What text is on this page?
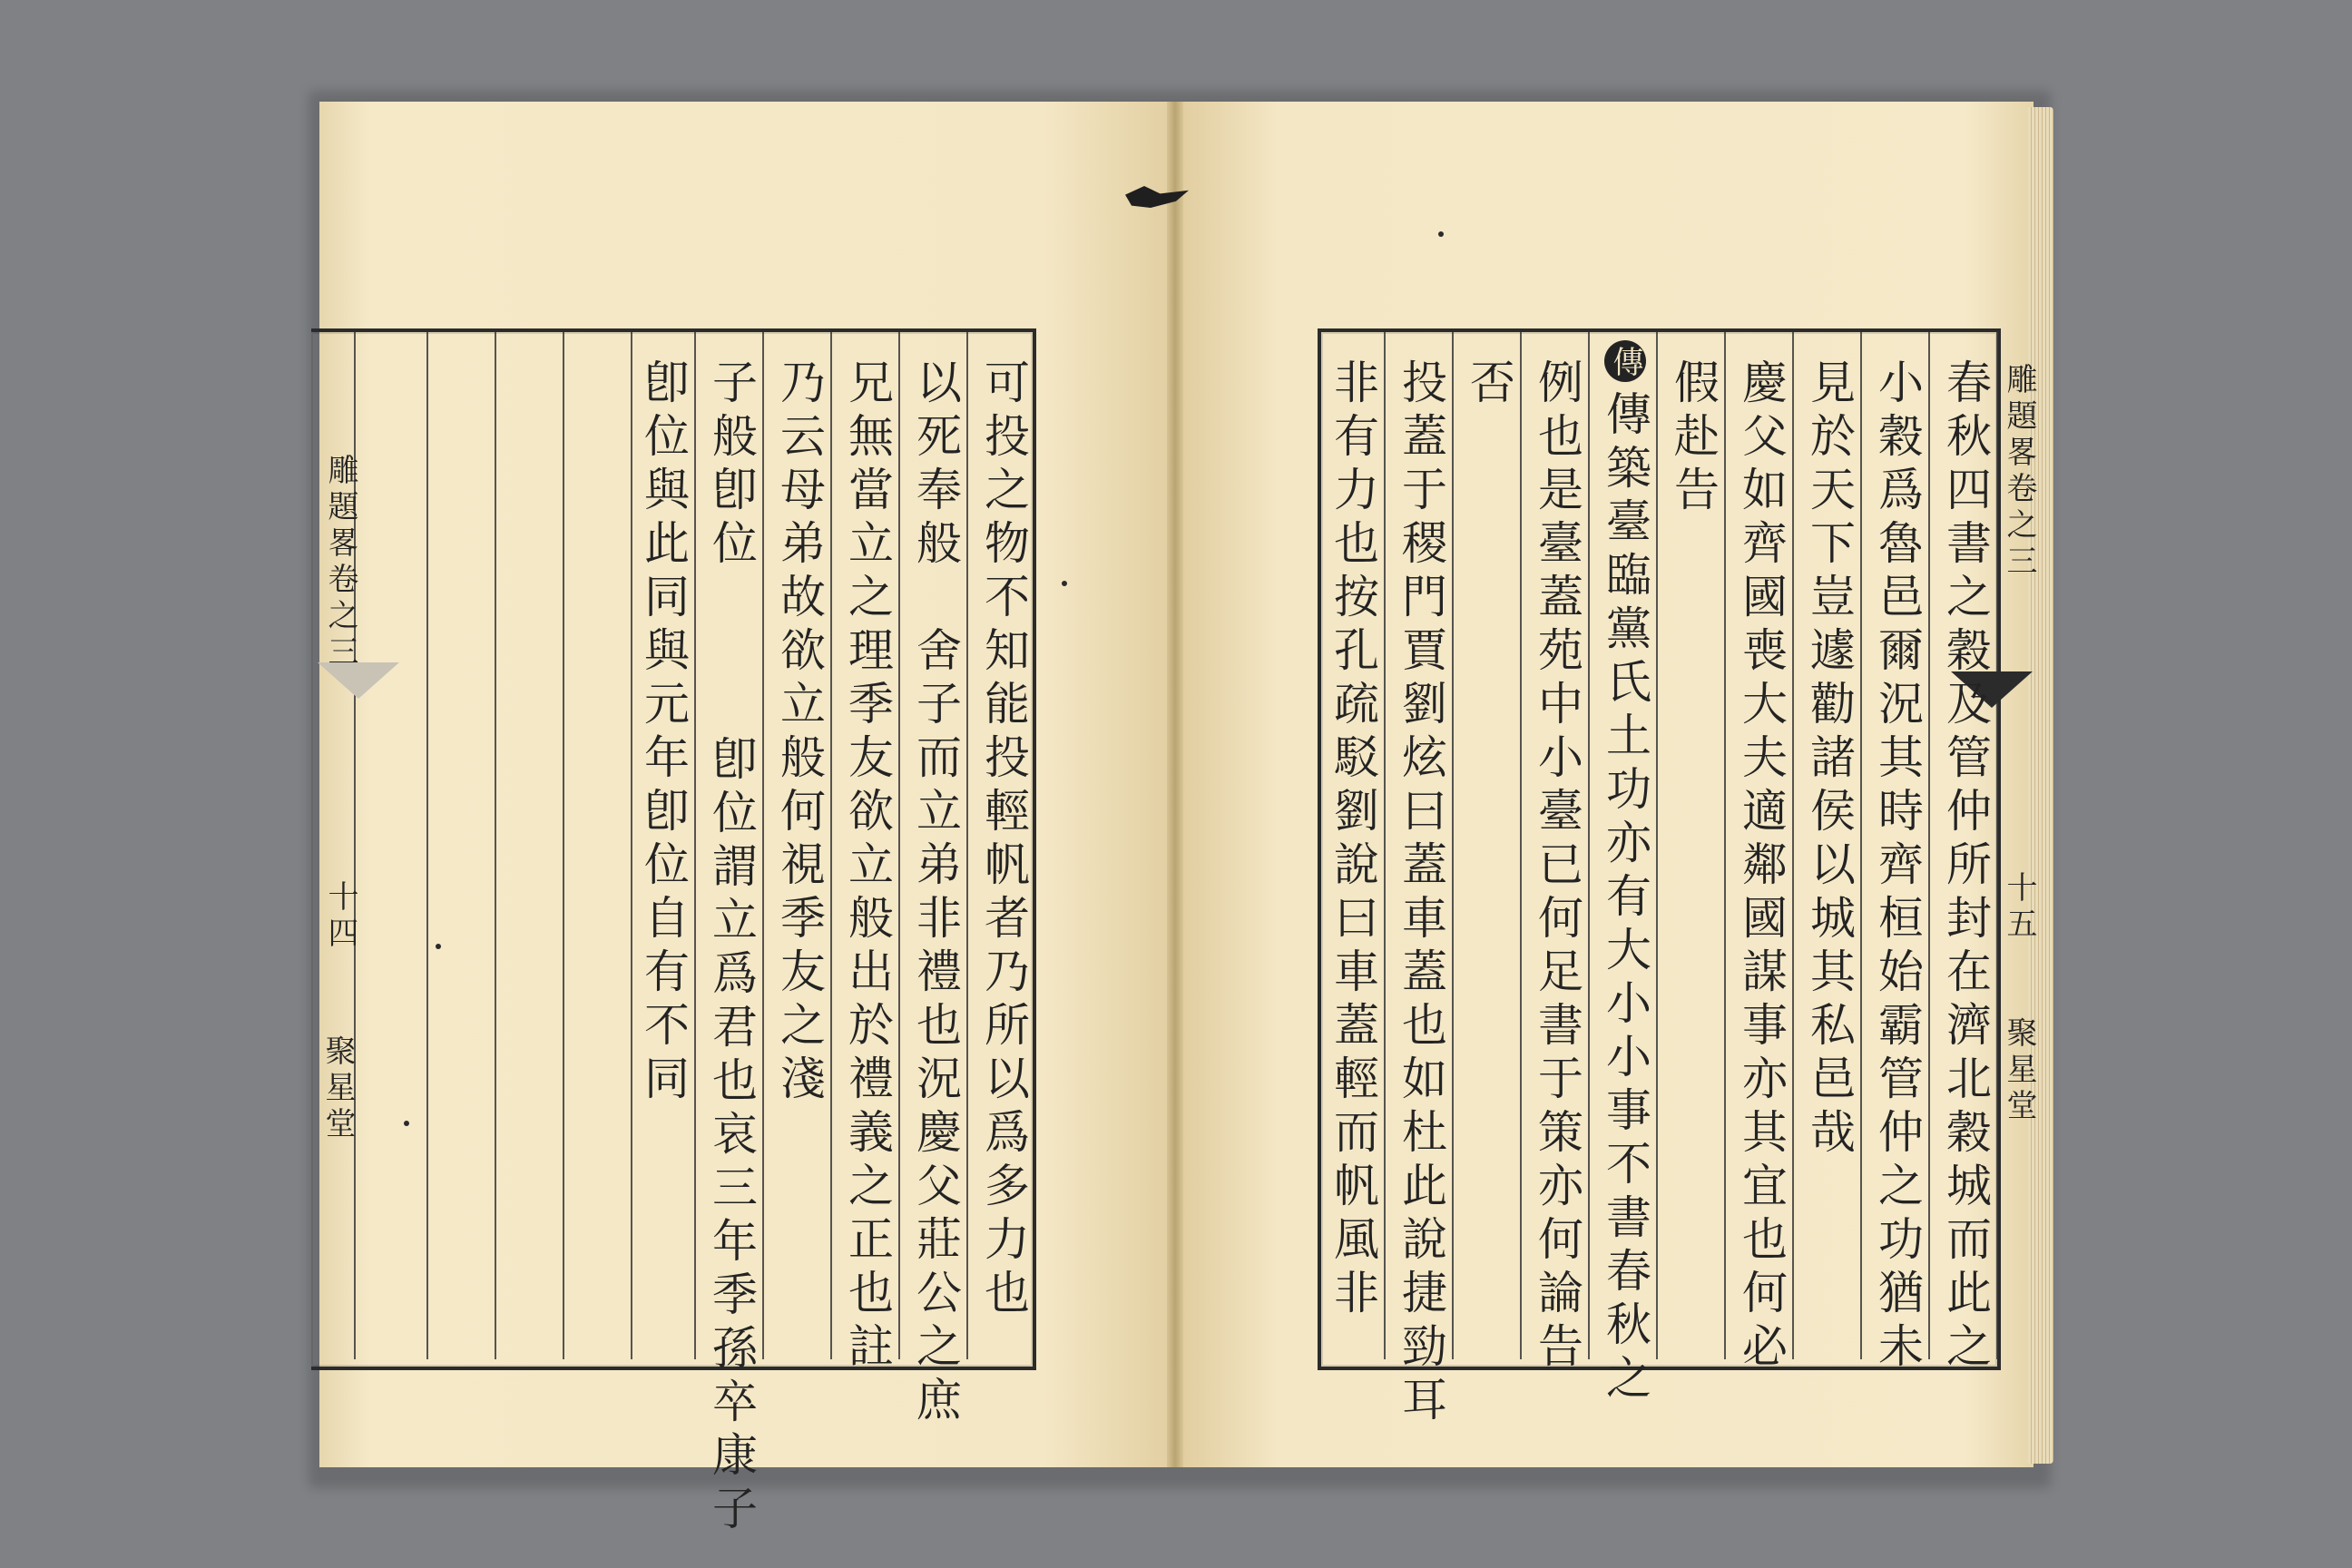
雕題畧卷之三
十四
聚星堂	可投之物不知能投輕帆者乃所以爲多力也
以死奉般　舍子而立弟非禮也況慶父莊公之庶
兄無當立之理季友欲立般出於禮義之正也註
乃云母弟故欲立般何視季友之淺
子般卽位
卽位與此同與元年卽位自有不同
卽位謂立爲君也哀三年季孫卒康子
雕題畧卷之三
十五
聚星堂
春秋四書之穀及管仲所封在濟北穀城而此之
小穀爲魯邑爾況其時齊桓始霸管仲之功猶未
見於天下豈遽勸諸侯以城其私邑哉
慶父如齊國喪大夫適鄰國謀事亦其宜也何必
假赴告
傳
傳築臺臨黨氏土功亦有大小小事不書春秋之
例也是臺蓋苑中小臺已何足書于策亦何論告
否
投蓋于稷門賈劉炫曰蓋車蓋也如杜此說捷勁耳
非有力也按孔疏駁劉說曰車蓋輕而帆風非
